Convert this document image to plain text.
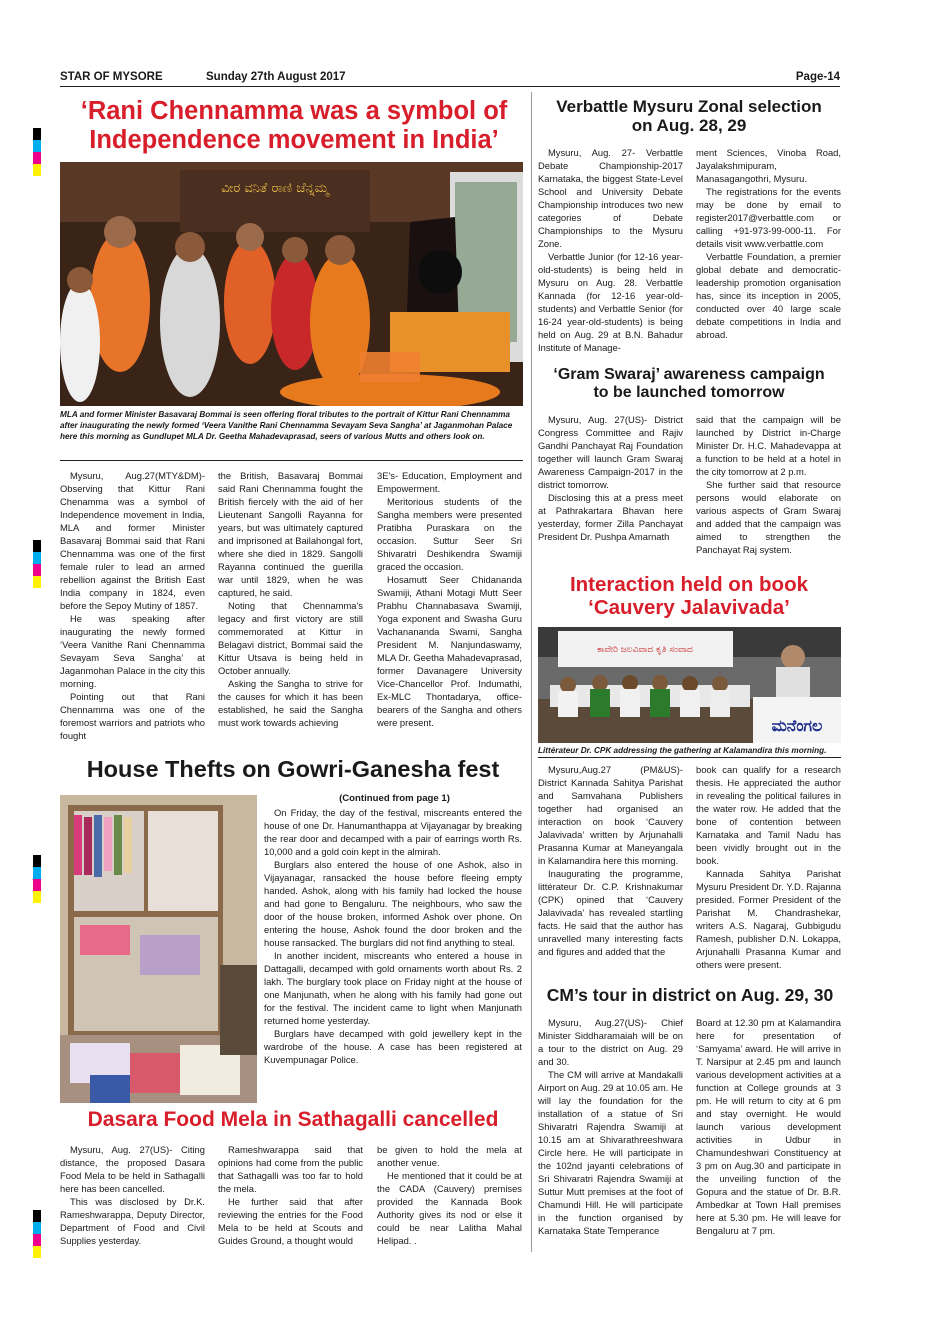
STAR OF MYSORE	Sunday 27th August 2017	Page-14
‘Rani Chennamma was a symbol of
Independence movement in India’
ವೀರ ವನಿತೆ ರಾಣಿ ಚೆನ್ನಮ್ಮ
MLA and former Minister Basavaraj Bommai is seen offering floral tributes to the portrait of Kittur Rani Chennamma after inaugurating the newly formed ‘Veera Vanithe Rani Chennamma Sevayam Seva Sangha’ at Jaganmohan Palace here this morning as Gundlupet MLA Dr. Geetha Mahadevaprasad, seers of various Mutts and others look on.

Mysuru, Aug.27(MTY&DM)- Observing that Kittur Rani Chenamma was a symbol of Independence movement in India, MLA and former Minister Basavaraj Bommai said that Rani Chennamma was one of the first female ruler to lead an armed rebellion against the British East India company in 1824, even before the Sepoy Mutiny of 1857.

He was speaking after inaugurating the newly formed ‘Veera Vanithe Rani Chennamma Sevayam Seva Sangha’ at Jaganmohan Palace in the city this morning.

Pointing out that Rani Chennamma was one of the foremost warriors and patriots who fought

the British, Basavaraj Bommai said Rani Chennamma fought the British fiercely with the aid of her Lieutenant Sangolli Rayanna for years, but was ultimately captured and imprisoned at Bailahongal fort, where she died in 1829. Sangolli Rayanna continued the guerilla war until 1829, when he was captured, he said.

Noting that Chennamma's legacy and first victory are still commemorated at Kittur in Belagavi district, Bommai said the Kittur Utsava is being held in October annually.

Asking the Sangha to strive for the causes for which it has been established, he said the Sangha must work towards achieving

3E's- Education, Employment and Empowerment.

Meritorious students of the Sangha members were presented Pratibha Puraskara on the occasion. Suttur Seer Sri Shivaratri Deshikendra Swamiji graced the occasion.

Hosamutt Seer Chidananda Swamiji, Athani Motagi Mutt Seer Prabhu Channabasava Swamiji, Yoga exponent and Swasha Guru Vachanananda Swami, Sangha President M. Nanjundaswamy, MLA Dr. Geetha Mahadevaprasad, former Davanagere University Vice-Chancellor Prof. Indumathi, Ex-MLC Thontadarya, office-bearers of the Sangha and others were present.

Verbattle Mysuru Zonal selection
on Aug. 28, 29

Mysuru, Aug. 27- Verbattle Debate Championship-2017 Karnataka, the biggest State-Level School and University Debate Championship introduces two new categories of Debate Championships to the Mysuru Zone.

Verbattle Junior (for 12-16 year-old-students) is being held in Mysuru on Aug. 28. Verbattle Kannada (for 12-16 year-old-students) and Verbattle Senior (for 16-24 year-old-students) is being held on Aug. 29 at B.N. Bahadur Institute of Manage-

ment Sciences, Vinoba Road, Jayalakshmipuram, Manasagangothri, Mysuru.

The registrations for the events may be done by email to register2017@verbattle.com or calling +91-973-99-000-11. For details visit www.verbattle.com

Verbattle Foundation, a premier global debate and democratic-leadership promotion organisation has, since its inception in 2005, conducted over 40 large scale debate competitions in India and abroad.

‘Gram Swaraj’ awareness campaign
to be launched tomorrow

Mysuru, Aug. 27(US)- District Congress Committee and Rajiv Gandhi Panchayat Raj Foundation together will launch Gram Swaraj Awareness Campaign-2017 in the district tomorrow.

Disclosing this at a press meet at Pathrakartara Bhavan here yesterday, former Zilla Panchayat President Dr. Pushpa Amarnath

said that the campaign will be launched by District in-Charge Minister Dr. H.C. Mahadevappa at a function to be held at a hotel in the city tomorrow at 2 p.m.

She further said that resource persons would elaborate on various aspects of Gram Swaraj and added that the campaign was aimed to strengthen the Panchayat Raj system.

Interaction held on book
‘Cauvery Jalavivada’
ಕಾವೇರಿ ಜಲವಿವಾದ ಕೃತಿ ಸಂವಾದ
ಮನೆಂಗಲ
Littérateur Dr. CPK addressing the gathering at Kalamandira this morning.

Mysuru,Aug.27 (PM&US)- District Kannada Sahitya Parishat and Samvahana Publishers together had organised an interaction on book ‘Cauvery Jalavivada’ written by Arjunahalli Prasanna Kumar at Maneyangala in Kalamandira here this morning.

Inaugurating the programme, littérateur Dr. C.P. Krishnakumar (CPK) opined that ‘Cauvery Jalavivada’ has revealed startling facts. He said that the author has unravelled many interesting facts and figures and added that the

book can qualify for a research thesis. He appreciated the author in revealing the political failures in the water row. He added that the bone of contention between Karnataka and Tamil Nadu has been vividly brought out in the book.

Kannada Sahitya Parishat Mysuru President Dr. Y.D. Rajanna presided. Former President of the Parishat M. Chandrashekar, writers A.S. Nagaraj, Gubbigudu Ramesh, publisher D.N. Lokappa, Arjunahalli Prasanna Kumar and others were present.

House Thefts on Gowri-Ganesha fest
(Continued from page 1)

On Friday, the day of the festival, miscreants entered the house of one Dr. Hanumanthappa at Vijayanagar by breaking the rear door and decamped with a pair of earrings worth Rs. 10,000 and a gold coin kept in the almirah.

Burglars also entered the house of one Ashok, also in Vijayanagar, ransacked the house before fleeing empty handed. Ashok, along with his family had locked the house and had gone to Bengaluru. The neighbours, who saw the door of the house broken, informed Ashok over phone. On entering the house, Ashok found the door broken and the house ransacked. The burglars did not find anything to steal.

In another incident, miscreants who entered a house in Dattagalli, decamped with gold ornaments worth about Rs. 2 lakh. The burglary took place on Friday night at the house of one Manjunath, when he along with his family had gone out for the festival. The incident came to light when Manjunath returned home yesterday.

Burglars have decamped with gold jewellery kept in the wardrobe of the house. A case has been registered at Kuvempunagar Police.

CM’s tour in district on Aug. 29, 30

Mysuru, Aug.27(US)- Chief Minister Siddharamaiah will be on a tour to the district on Aug. 29 and 30.

The CM will arrive at Mandakalli Airport on Aug. 29 at 10.05 am. He will lay the foundation for the installation of a statue of Sri Shivaratri Rajendra Swamiji at 10.15 am at Shivarathreeshwara Circle here. He will participate in the 102nd jayanti celebrations of Sri Shivaratri Rajendra Swamiji at Suttur Mutt premises at the foot of Chamundi Hill. He will participate in the function organised by Karnataka State Temperance

Board at 12.30 pm at Kalamandira here for presentation of ‘Samyama’ award. He will arrive in T. Narsipur at 2.45 pm and launch various development activities at a function at College grounds at 3 pm. He will return to city at 6 pm and stay overnight. He would launch various development activities in Udbur in Chamundeshwari Constituency at 3 pm on Aug.30 and participate in the unveiling function of the Gopura and the statue of Dr. B.R. Ambedkar at Town Hall premises here at 5.30 pm. He will leave for Bengaluru at 7 pm.

Dasara Food Mela in Sathagalli cancelled

Mysuru, Aug. 27(US)- Citing distance, the proposed Dasara Food Mela to be held in Sathagalli here has been cancelled.

This was disclosed by Dr.K. Rameshwarappa, Deputy Director, Department of Food and Civil Supplies yesterday.

Rameshwarappa said that opinions had come from the public that Sathagalli was too far to hold the mela.

He further said that after reviewing the entries for the Food Mela to be held at Scouts and Guides Ground, a thought would

be given to hold the mela at another venue.

He mentioned that it could be at the CADA (Cauvery) premises provided the Kannada Book Authority gives its nod or else it could be near Lalitha Mahal Helipad. .
